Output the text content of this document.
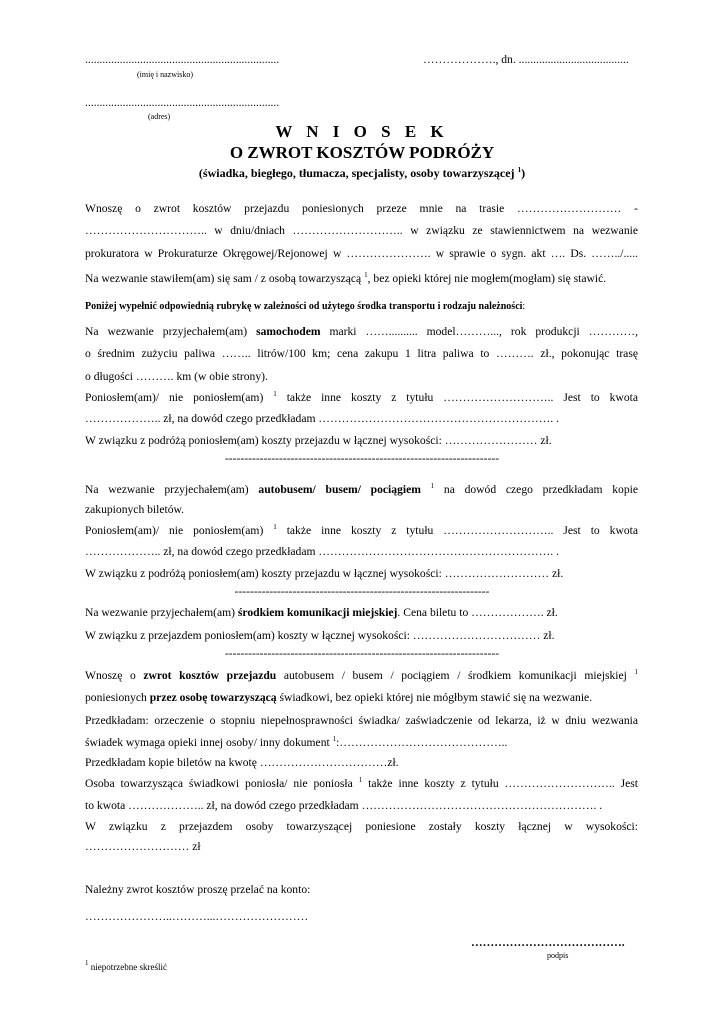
...................................................................
(imię i nazwisko)
………………., dn. ......................................
...................................................................
(adres)
W N I O S E K
O ZWROT KOSZTÓW PODRÓŻY
(świadka, biegłego, tłumacza, specjalisty, osoby towarzyszącej $^1$)
Wnoszę o zwrot kosztów przejazdu poniesionych przeze mnie na trasie ……………………… -
………………………….. w dniu/dniach ……………………….. w związku ze stawiennictwem na wezwanie
prokuratora w Prokuraturze Okręgowej/Rejonowej w …………………. w sprawie o sygn. akt …. Ds. ……../.....
Na wezwanie stawiłem(am) się sam / z osobą towarzyszącą $^1$, bez opieki której nie mogłem(mogłam) się stawić.
Poniżej wypełnić odpowiednią rubrykę w zależności od użytego środka transportu i rodzaju należności:
Na wezwanie przyjechałem(am) samochodem marki …….......... model………..., rok produkcji …………,
o średnim zużyciu paliwa …….. litrów/100 km; cena zakupu 1 litra paliwa to ………. zł., pokonując trasę
o długości ………. km (w obie strony).
Poniosłem(am)/ nie poniosłem(am) $^1$ także inne koszty z tytułu ……………………….. Jest to kwota
……………….. zł, na dowód czego przedkładam ……………………………………………………. .
W związku z podróżą poniosłem(am) koszty przejazdu w łącznej wysokości: …………………… zł.
-----------------------------------------------------------------------
Na wezwanie przyjechałem(am) autobusem/ busem/ pociągiem $^1$ na dowód czego przedkładam kopie
zakupionych biletów.
Poniosłem(am)/ nie poniosłem(am) $^1$ także inne koszty z tytułu ……………………….. Jest to kwota
……………….. zł, na dowód czego przedkładam ……………………………………………………. .
W związku z podróżą poniosłem(am) koszty przejazdu w łącznej wysokości: ……………………… zł.
------------------------------------------------------------------
Na wezwanie przyjechałem(am) środkiem komunikacji miejskiej. Cena biletu to ………………. zł.
W związku z przejazdem poniosłem(am) koszty w łącznej wysokości: …………………………… zł.
-----------------------------------------------------------------------
Wnoszę o zwrot kosztów przejazdu autobusem / busem / pociągiem / środkiem komunikacji miejskiej $^1$
poniesionych przez osobę towarzyszącą świadkowi, bez opieki której nie mógłbym stawić się na wezwanie.
Przedkładam: orzeczenie o stopniu niepełnosprawności świadka/ zaświadczenie od lekarza, iż w dniu wezwania
świadek wymaga opieki innej osoby/ inny dokument $^1$:……………………………………..
Przedkładam kopie biletów na kwotę ……………………………zł.
Osoba towarzysząca świadkowi poniosła/ nie poniosła $^1$ także inne koszty z tytułu ……………………….. Jest
to kwota ……………….. zł, na dowód czego przedkładam ……………………………………………………. .
W związku z przejazdem osoby towarzyszącej poniesione zostały koszty łącznej w wysokości:
……………………… zł
Należny zwrot kosztów proszę przelać na konto:
…………………..………...……………………
………………………………….
podpis
$^1$ niepotrzebne skreślić
